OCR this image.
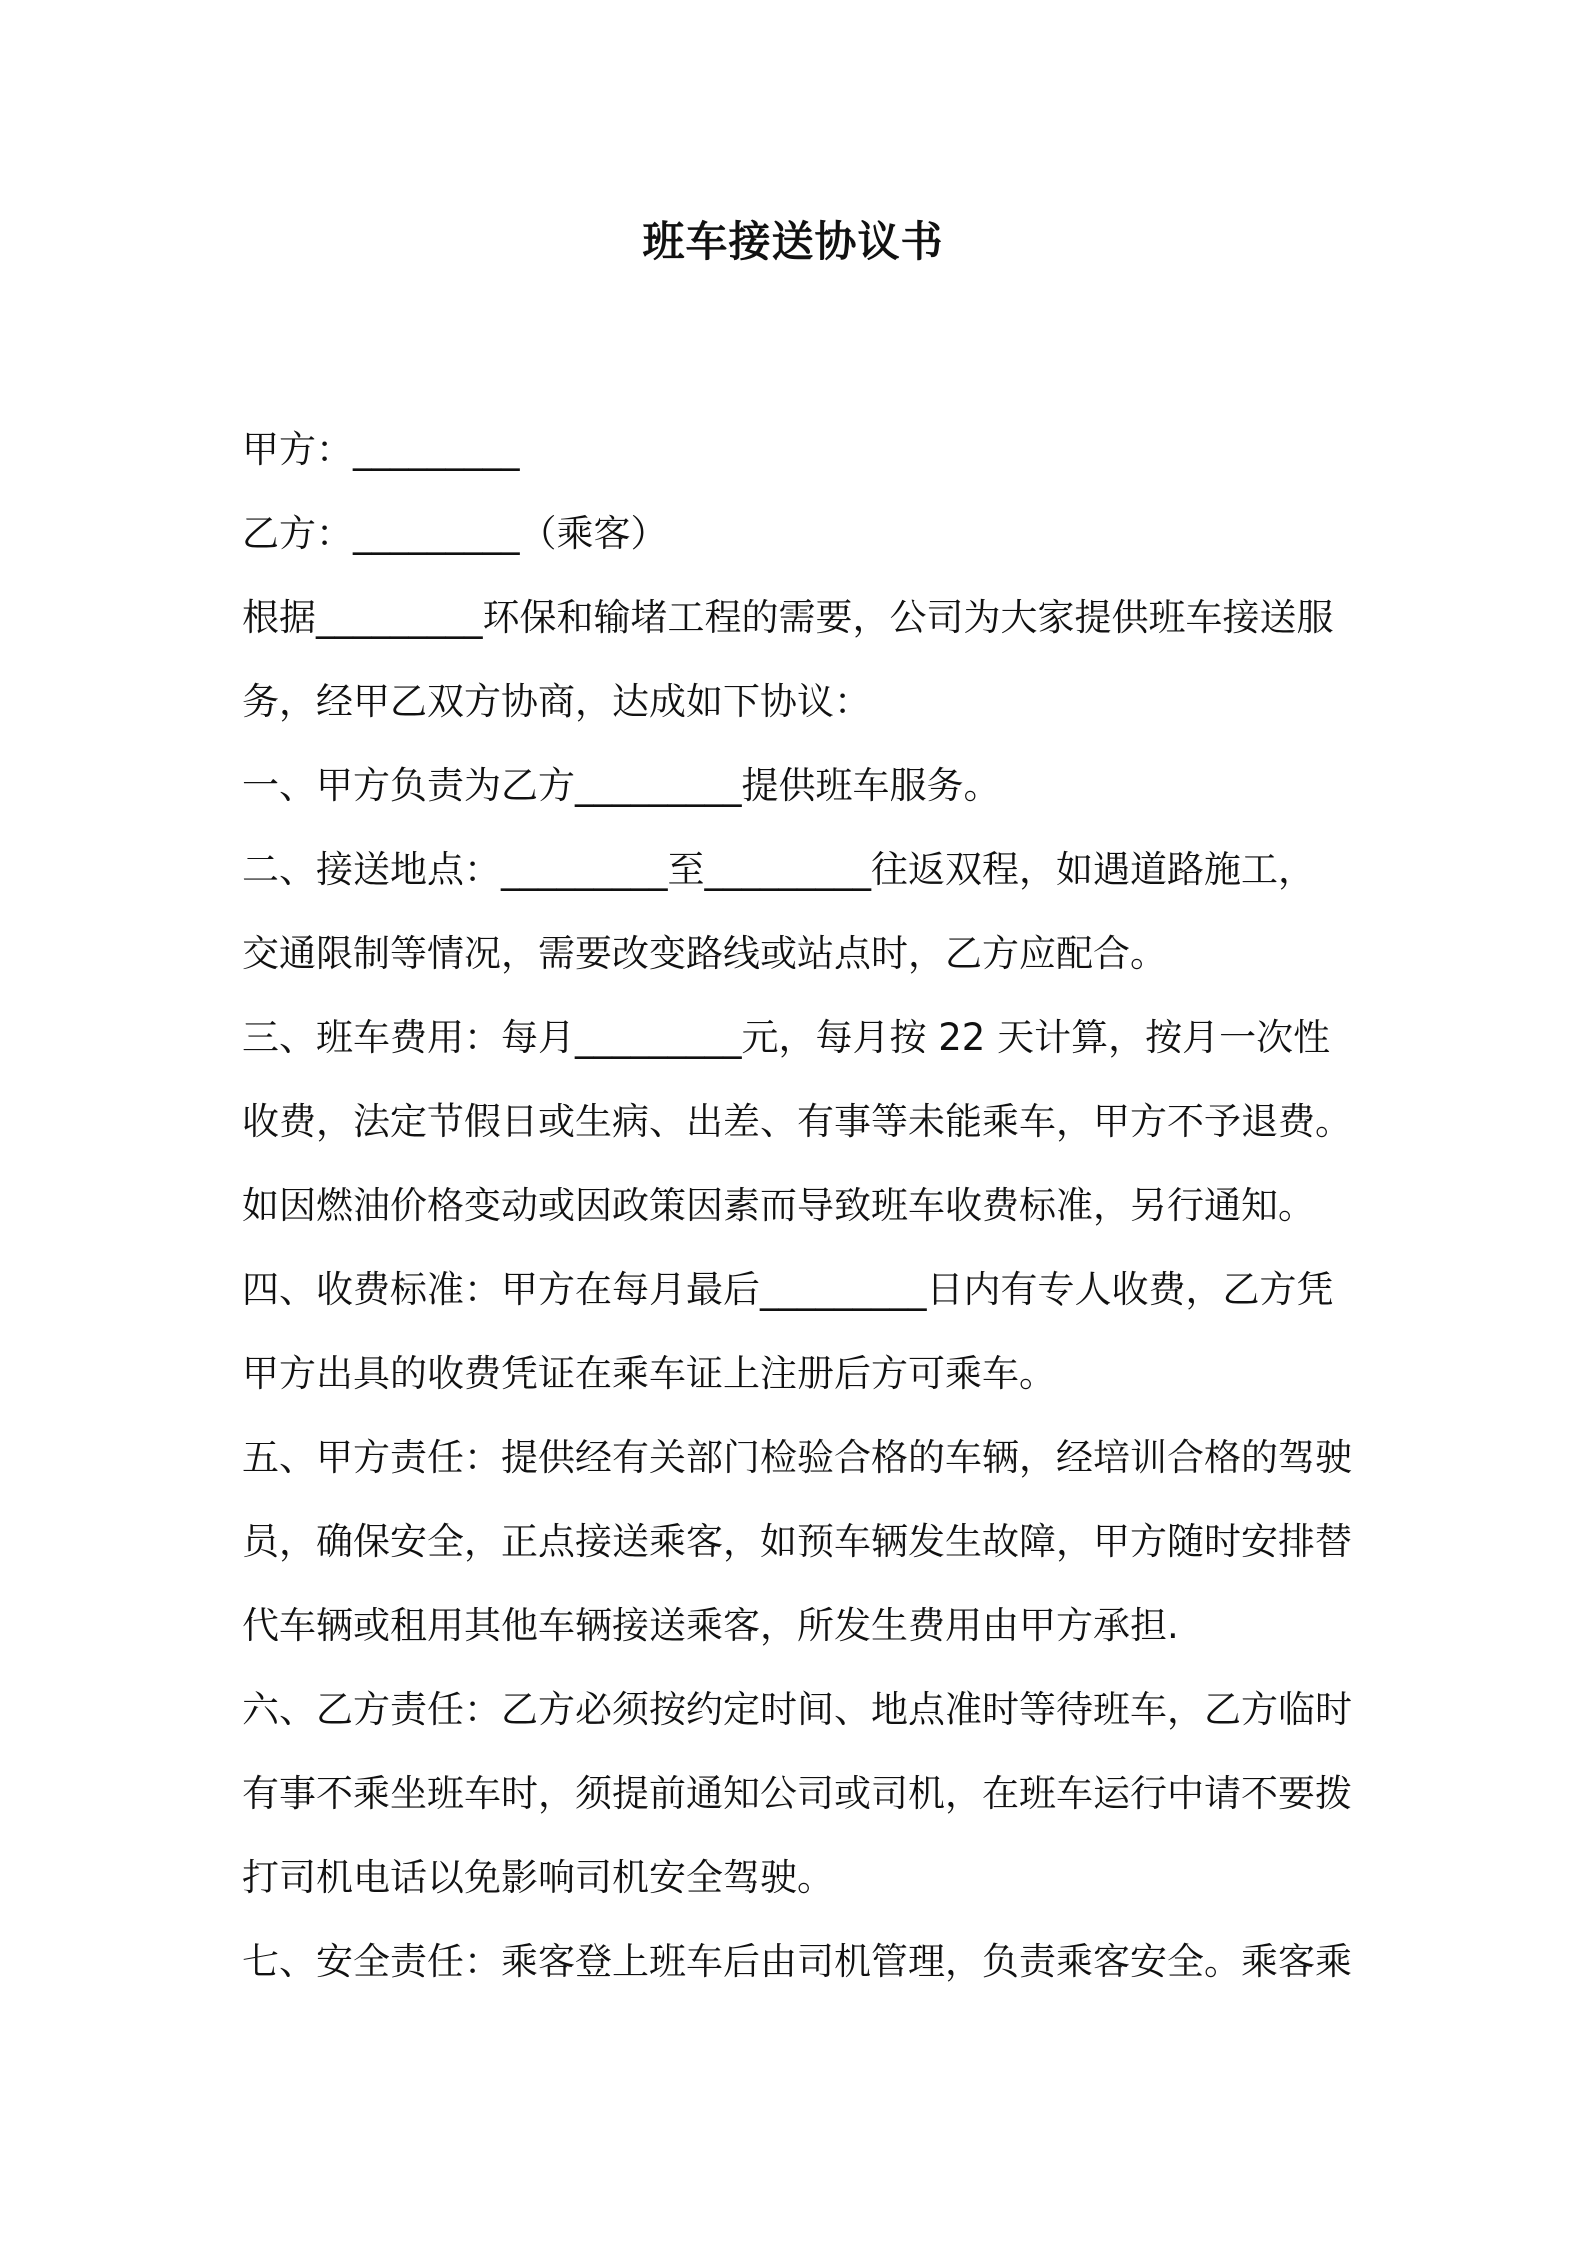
班车接送协议书

甲方：_________

乙方：_________（乘客）

根据_________环保和输堵工程的需要，公司为大家提供班车接送服

务，经甲乙双方协商，达成如下协议：

一、甲方负责为乙方_________提供班车服务。

二、接送地点：_________至_________往返双程，如遇道路施工，

交通限制等情况，需要改变路线或站点时，乙方应配合。

三、班车费用：每月_________元，每月按 22 天计算，按月一次性

收费，法定节假日或生病、出差、有事等未能乘车，甲方不予退费。

如因燃油价格变动或因政策因素而导致班车收费标准，另行通知。

四、收费标准：甲方在每月最后_________日内有专人收费，乙方凭

甲方出具的收费凭证在乘车证上注册后方可乘车。

五、甲方责任：提供经有关部门检验合格的车辆，经培训合格的驾驶

员，确保安全，正点接送乘客，如预车辆发生故障，甲方随时安排替

代车辆或租用其他车辆接送乘客，所发生费用由甲方承担.

六、乙方责任：乙方必须按约定时间、地点准时等待班车，乙方临时

有事不乘坐班车时，须提前通知公司或司机，在班车运行中请不要拨

打司机电话以免影响司机安全驾驶。

七、安全责任：乘客登上班车后由司机管理，负责乘客安全。乘客乘
